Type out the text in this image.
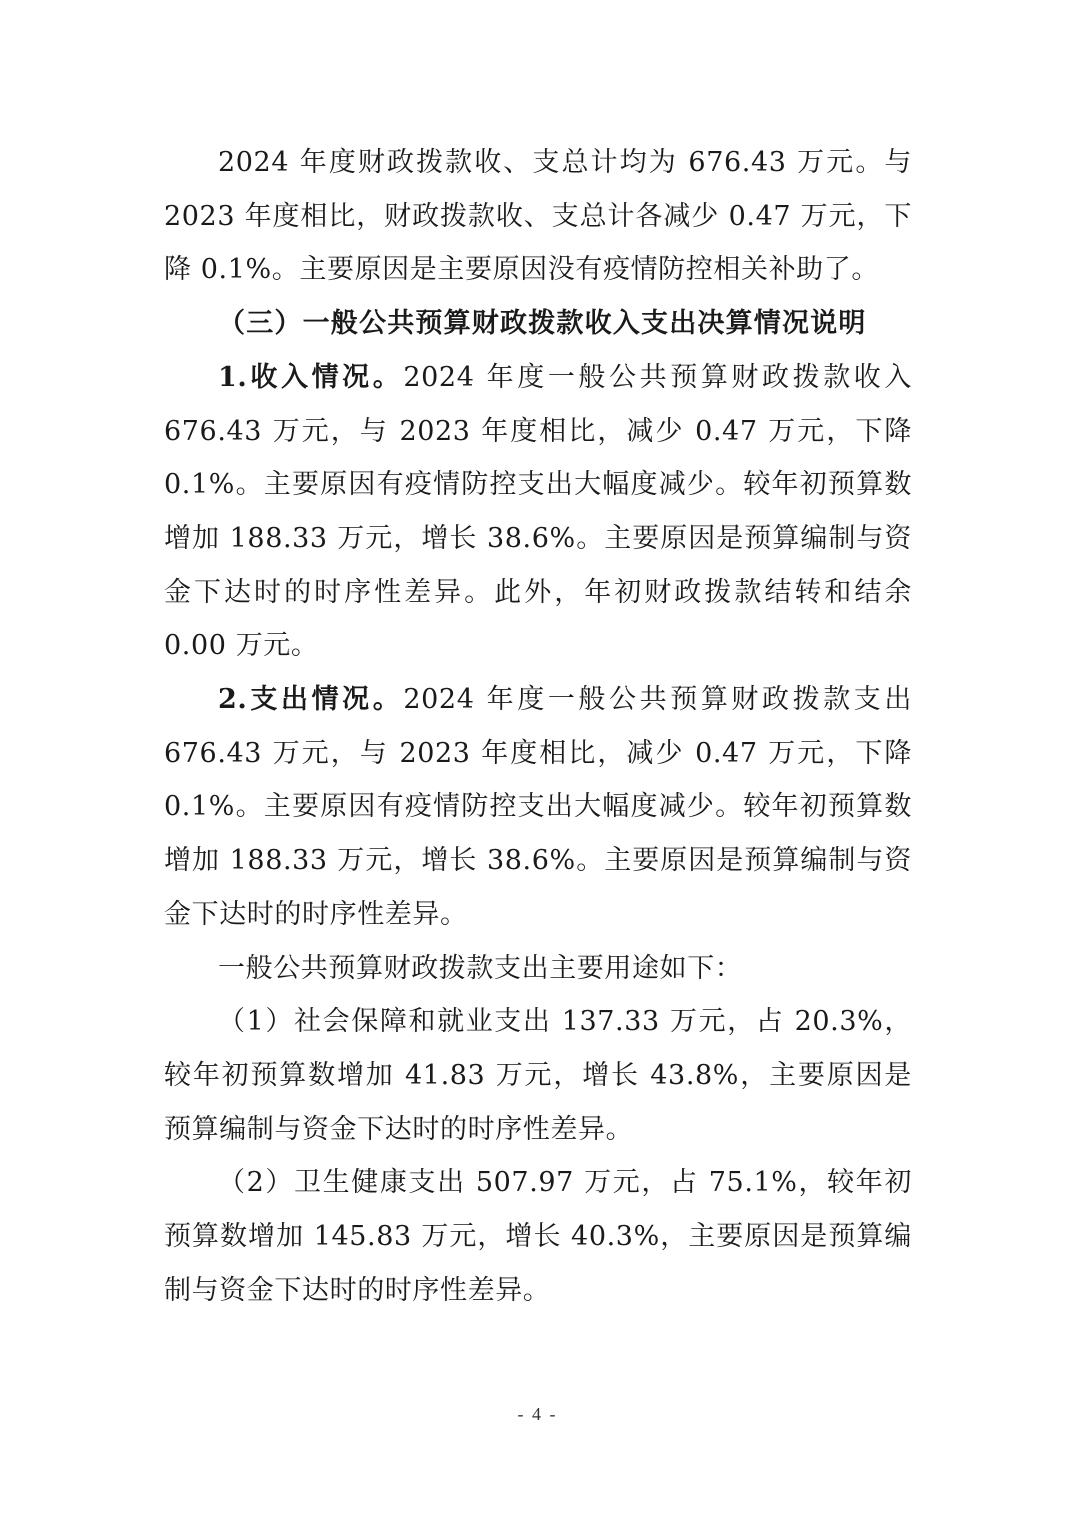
2024 年度财政拨款收、支总计均为 676.43 万元。与 2023 年度相比，财政拨款收、支总计各减少 0.47 万元，下降 0.1%。主要原因是主要原因没有疫情防控相关补助了。

（三）一般公共预算财政拨款收入支出决算情况说明

1.收入情况。2024 年度一般公共预算财政拨款收入 676.43 万元，与 2023 年度相比，减少 0.47 万元，下降 0.1%。主要原因有疫情防控支出大幅度减少。较年初预算数增加 188.33 万元，增长 38.6%。主要原因是预算编制与资金下达时的时序性差异。此外，年初财政拨款结转和结余 0.00 万元。

2.支出情况。2024 年度一般公共预算财政拨款支出 676.43 万元，与 2023 年度相比，减少 0.47 万元，下降 0.1%。主要原因有疫情防控支出大幅度减少。较年初预算数增加 188.33 万元，增长 38.6%。主要原因是预算编制与资金下达时的时序性差异。

一般公共预算财政拨款支出主要用途如下：

（1）社会保障和就业支出 137.33 万元，占 20.3%，较年初预算数增加 41.83 万元，增长 43.8%，主要原因是预算编制与资金下达时的时序性差异。

（2）卫生健康支出 507.97 万元，占 75.1%，较年初预算数增加 145.83 万元，增长 40.3%，主要原因是预算编制与资金下达时的时序性差异。

- 4 -
